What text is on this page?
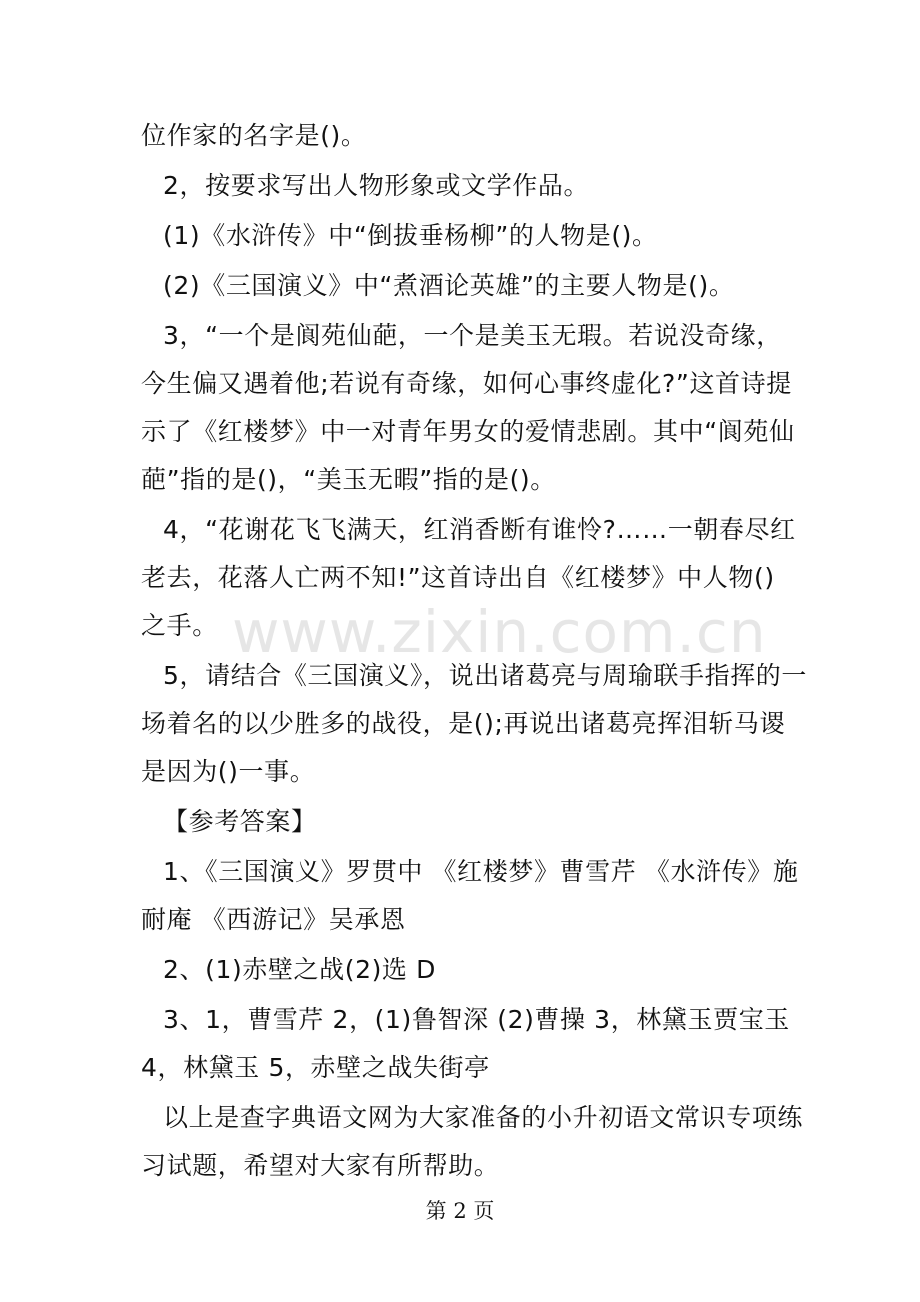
www.zixin.com.cn
位作家的名字是()。
2，按要求写出人物形象或文学作品。
(1)《水浒传》中“倒拔垂杨柳”的人物是()。
(2)《三国演义》中“煮酒论英雄”的主要人物是()。
3，“一个是阆苑仙葩，一个是美玉无瑕。若说没奇缘，
今生偏又遇着他;若说有奇缘，如何心事终虚化?”这首诗提
示了《红楼梦》中一对青年男女的爱情悲剧。其中“阆苑仙
葩”指的是()，“美玉无暇”指的是()。
4，“花谢花飞飞满天，红消香断有谁怜?……一朝春尽红
老去，花落人亡两不知!”这首诗出自《红楼梦》中人物()
之手。
5，请结合《三国演义》，说出诸葛亮与周瑜联手指挥的一
场着名的以少胜多的战役，是();再说出诸葛亮挥泪斩马谡
是因为()一事。
【参考答案】
1、《三国演义》罗贯中 《红楼梦》曹雪芹 《水浒传》施
耐庵 《西游记》吴承恩
2、(1)赤壁之战(2)选 D
3、1，曹雪芹 2，(1)鲁智深 (2)曹操 3，林黛玉贾宝玉
4，林黛玉 5，赤壁之战失街亭
以上是查字典语文网为大家准备的小升初语文常识专项练
习试题，希望对大家有所帮助。
第 2 页
